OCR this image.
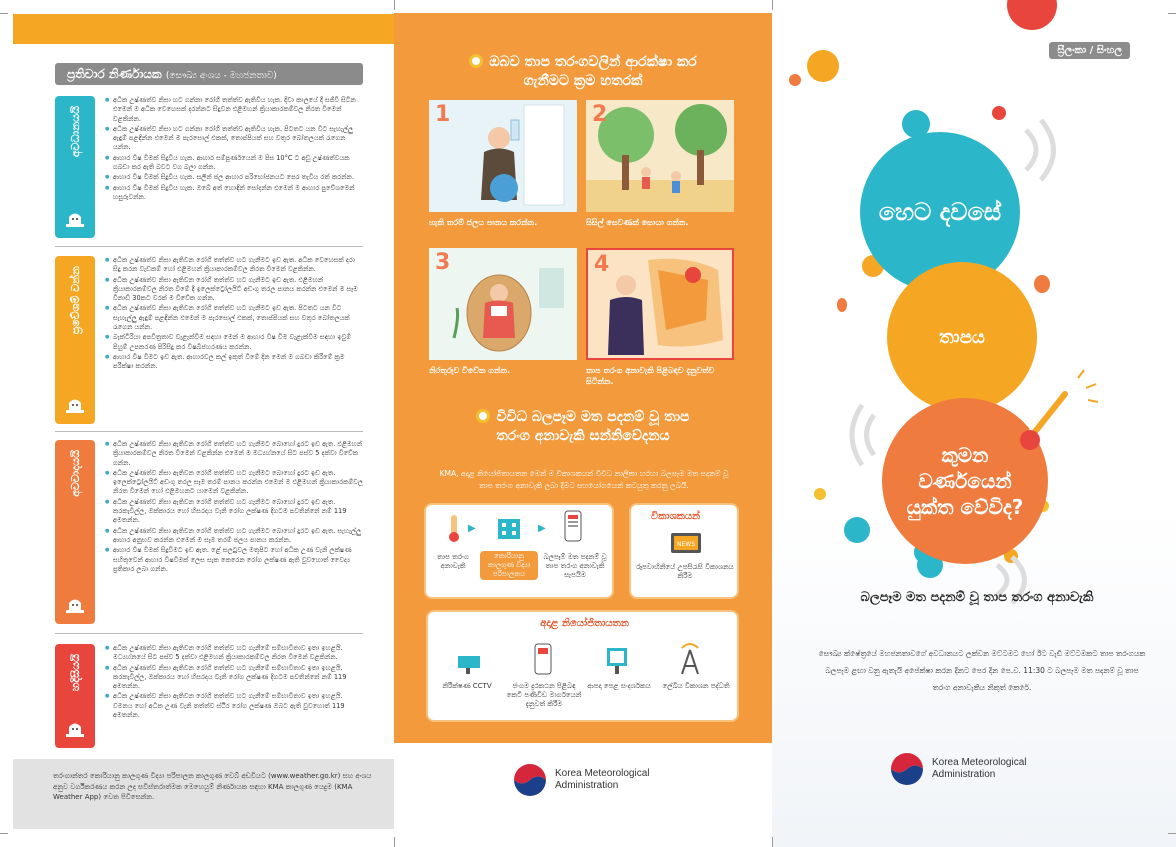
ප්‍රතිචාර නිර්ණායක (සෞඛ්‍ය අංශය - මහජනතාව)
අවධානයයි
● අධික උෂ්ණත්ව නිසා හට ගන්නා රෝගී තත්ත්ව ඇතිවිය හැක. දිවා කාලයේ දී සජීවී සිටින එමෙන් ම අධික වෙහෙසක් දරන්නට සිදුවන එළිමහන් ක්‍රියාකාරකම්වල නිරත වීමෙන් වළකින්න.
● අධික උෂ්ණත්ව නිසා හට ගන්නා රෝගී තත්ත්ව ඇතිවිය හැක. පිටතට යන විට සැහැල්ලු ඇඳුම් පළඳින්න එමෙන් ම පැරසොල් එකක්, තොප්පියක් සහ වතුර බෝතලයක් රැගෙන යන්න.
● ආහාර විෂ වීමක් සිදුවිය හැක. ආහාර සම්පූර්ණයෙන් ම පිස 10°C ට අඩු උෂ්ණත්වයක ගබඩා කර ඇති බවට වග බලා ගන්න.
● ආහාර විෂ වීමක් සිදුවිය හැක. සලින් ජල ආහාර පරිභෝජනයට පෙර තැවිය රත් කරන්න.
● ආහාර විෂ වීමක් සිදුවිය හැක. ඔබේ අත් හොඳින් සෝදන්න එමෙන් ම ආහාර පුවේශමෙන් හසුරුවන්න.
ප්‍රවේශම් වන්න
● අධික උෂ්ණත්ව නිසා ඇතිවන රෝගී තත්ත්ව හට ගැනීමට ඉඩ ඇත. අධික වෙහෙසක් දරා සිදු කරන වැඩකම් හෝ එළිමහන් ක්‍රියාකාරකම්වල නිරත වීමෙන් වළකින්න.
● අධික උෂ්ණත්ව නිසා ඇතිවන රෝගී තත්ත්ව හට ගැනීමට ඉඩ ඇත. එළිමහන් ක්‍රියාකාරකම්වල නිරත වීමේ දී ඉලෙක්ට්‍රෝලයිට් අඩංගු තරල පානය කරන්න එමෙන් ම සෑම විනාඩි 30කට වරක් ම විවේක ගන්න.
● අධික උෂ්ණත්ව නිසා ඇතිවන රෝගී තත්ත්ව හට ගැනීමට ඉඩ ඇත. පිටතට යන විට සැහැල්ලු ඇඳුම් පළඳින්න එමෙන් ම පැරසොල් එකක්, තොප්පියක් සහ වතුර බෝතලයක් රැගෙන යන්න.
● බැක්ටීරියා අපවිත්‍රතාව වැළැක්වීම සඳහා මෙන් ම ආහාර විෂ වීම වැළැක්වීම සඳහා ඉවුම් පිහුම් උපකරණ පිරිසිදු කර විෂබීජහරණය කරන්න.
● ආහාර විෂ වීමට ඉඩ ඇත. ආහාරවල කල් ඉකුත් වීමේ දින මෙන් ම ගබඩා කිරීමේ ක්‍රම පරීක්ෂා කරන්න.
අවවාදයයි
● අධික උෂ්ණත්ව නිසා ඇතිවන රෝගී තත්ත්ව හට ගැනීමට බොහෝ දුරට ඉඩ ඇත. එළිමහන් ක්‍රියාකාරකම්වල නිරත වීමෙන් වළකින්න එමෙන් ම මධ්‍යහ්නයේ සිට පස්ව 5 දක්වා විවේක ගන්න.
● අධික උෂ්ණත්ව නිසා ඇතිවන රෝගී තත්ත්ව හට ගැනීමට බොහෝ දුරට ඉඩ ඇත. ඉලෙක්ට්‍රෝලයිට් අඩංගු තරල සෑම තරම් පානය කරන්න එමෙන් ම එළිමහන් ක්‍රියාකාරකම්වල නිරත වීමෙන් හෝ එළිමහනට යාමෙන් වළකින්න.
● අධික උෂ්ණත්ව නිසා ඇතිවන රෝගී තත්ත්ව හට ගැනීමට බොහෝ දුරට ඉඩ ඇත. කරකැවිල්ල, ඔක්කාරය හෝ හිසරදය වැනි රෝග ලක්ෂණ දිගටම පවතින්නේ නම් 119 අමතන්න.
● අධික උෂ්ණත්ව නිසා ඇතිවන රෝගී තත්ත්ව හට ගැනීමට බොහෝ දුරට ඉඩ ඇත. සැහැල්ලු ආහාර අනුභව කරන්න එමෙන් ම සෑම තරම් ජලය පානය කරන්න.
● ආහාර විෂ වීමක් සිදුවීමට ඉඩ ඇත. ළේ සලටුවල මතුපිට හෝ අධික උණ වැනි ලක්ෂණ සහිතුවෙන් ආහාර විෂවීමක් ලෙස සැක කෙරෙන රෝග ලක්ෂණ ඇති වුවහොත් වෛද්‍ය ප්‍රතිකාර ලබා ගන්න.
හදිසියයි
● අධික උෂ්ණත්ව නිසා ඇතිවන රෝගී තත්ත්ව හට ගැනීමේ සම්භාවිතාව ඉතා ඉහළයි. මධ්‍යහ්නයේ සිට පස්ව 5 දක්වා එළිමහන් ක්‍රියාකාරකම්වල නිරත වීමෙන් වළකින්න.
● අධික උෂ්ණත්ව නිසා ඇතිවන රෝගී තත්ත්ව හට ගැනීමේ සම්භාවිතාව ඉතා ඉහළයි. කරකැවිල්ල, ඔක්කාරය හෝ හිසරදය වැනි රෝග ලක්ෂණ දිගටම පවතින්නේ නම් 119 අමතන්න.
● අධික උෂ්ණත්ව නිසා ඇතිවන රෝගී තත්ත්ව හට ගැනීමේ සම්භාවිතාව ඉතා ඉහළයි. වමනය හෝ අධික උණ වැනි තත්ත්ව ස්ථිර රෝග ලක්ෂණ ඔබට ඇති වුවහොත් 119 අමතන්න.
තරංගාන්තර කොරියානු කාලගුණ විද්‍යා පරිපාලන කාලගුණ වෙබ් අඩවියට (www.weather.go.kr) සහ අංශය අනුව වර්ගීකරණය කරන ලද සවිස්තරාත්මක මෙහෙයුම් නිර්ණායක සඳහා KMA කාලගුණ යෙදුම (KMA Weather App) වෙත පිවිසෙන්න.
ඔබව තාප තරංගවලින් ආරක්ෂා කර
ගැනීමට ක්‍රම හතරක්
1
හැකි තරම් ජලය පානය කරන්න.
2
සිසිල් සෙවණක් සොයා ගන්න.
3
නිරතුරුව විවේක ගන්න.
4
තාප තරංග අනාවැකි පිළිබඳව දැනුවත්ව සිටින්න.
විවිධ බලපෑම මත පදනම් වූ තාප
තරංග අනාවැකි සන්නිවේදනය
KMA, අදාළ නියෝජිතායතන මෙන් ම විකාශකයන් විවිධ නාලිකා හරහා බලපෑම මත පදනම් වූ තාප තරංග අනාවැකි ලබා දීමට සහයෝගයෙන් කටයුතු කරනු ලබයි.
▶	▶
තාප තරංග අනාවැකි
කොරියානු කාලගුණ විද්‍යා පරිපාලනය
බලපෑම් මත පදනම් වූ තාප තරංග අනාවැකි සැපයීම
විකාශකයන්
NEWS
රූපවාහිනියේ උපසිරැසි විකාශනය කිරීම
අදාළ නියෝජිතායතන
නිරීක්ෂණ CCTV	ජංගම දුරකථන පිළිබඳ කෙටි පණිවිඩ මාර්ගයෙන් දැනුවත් කිරීම
ආපදා පෙළ සංදර්ශකය	ලේඛිය විකාශන පද්ධති
Korea Meteorological
Administration
ස්‍රීලංකා / සිංහල
හෙට දවසේ
තාපය
කුමන වර්ණයෙන් යුක්ත වේවිද?
බලපෑම මත පදනම් වූ තාප තරංග අනාවැකි
සෞඛ්‍ය ක්ෂේත්‍රයේ මහජනතාවගේ අවධානයට ලක්වන මට්ටමට හෝ ඊට වැඩි මට්ටමකට තාප තරංගයක බලපෑම ළඟා වනු ඇතැයි අපේක්ෂා කරන දිනට පෙර දින පෙ.ව. 11:30 ට බලපෑම මත පදනම් වූ තාප තරංග අනාවැකිය නිකුත් කෙරේ.
Korea Meteorological
Administration
